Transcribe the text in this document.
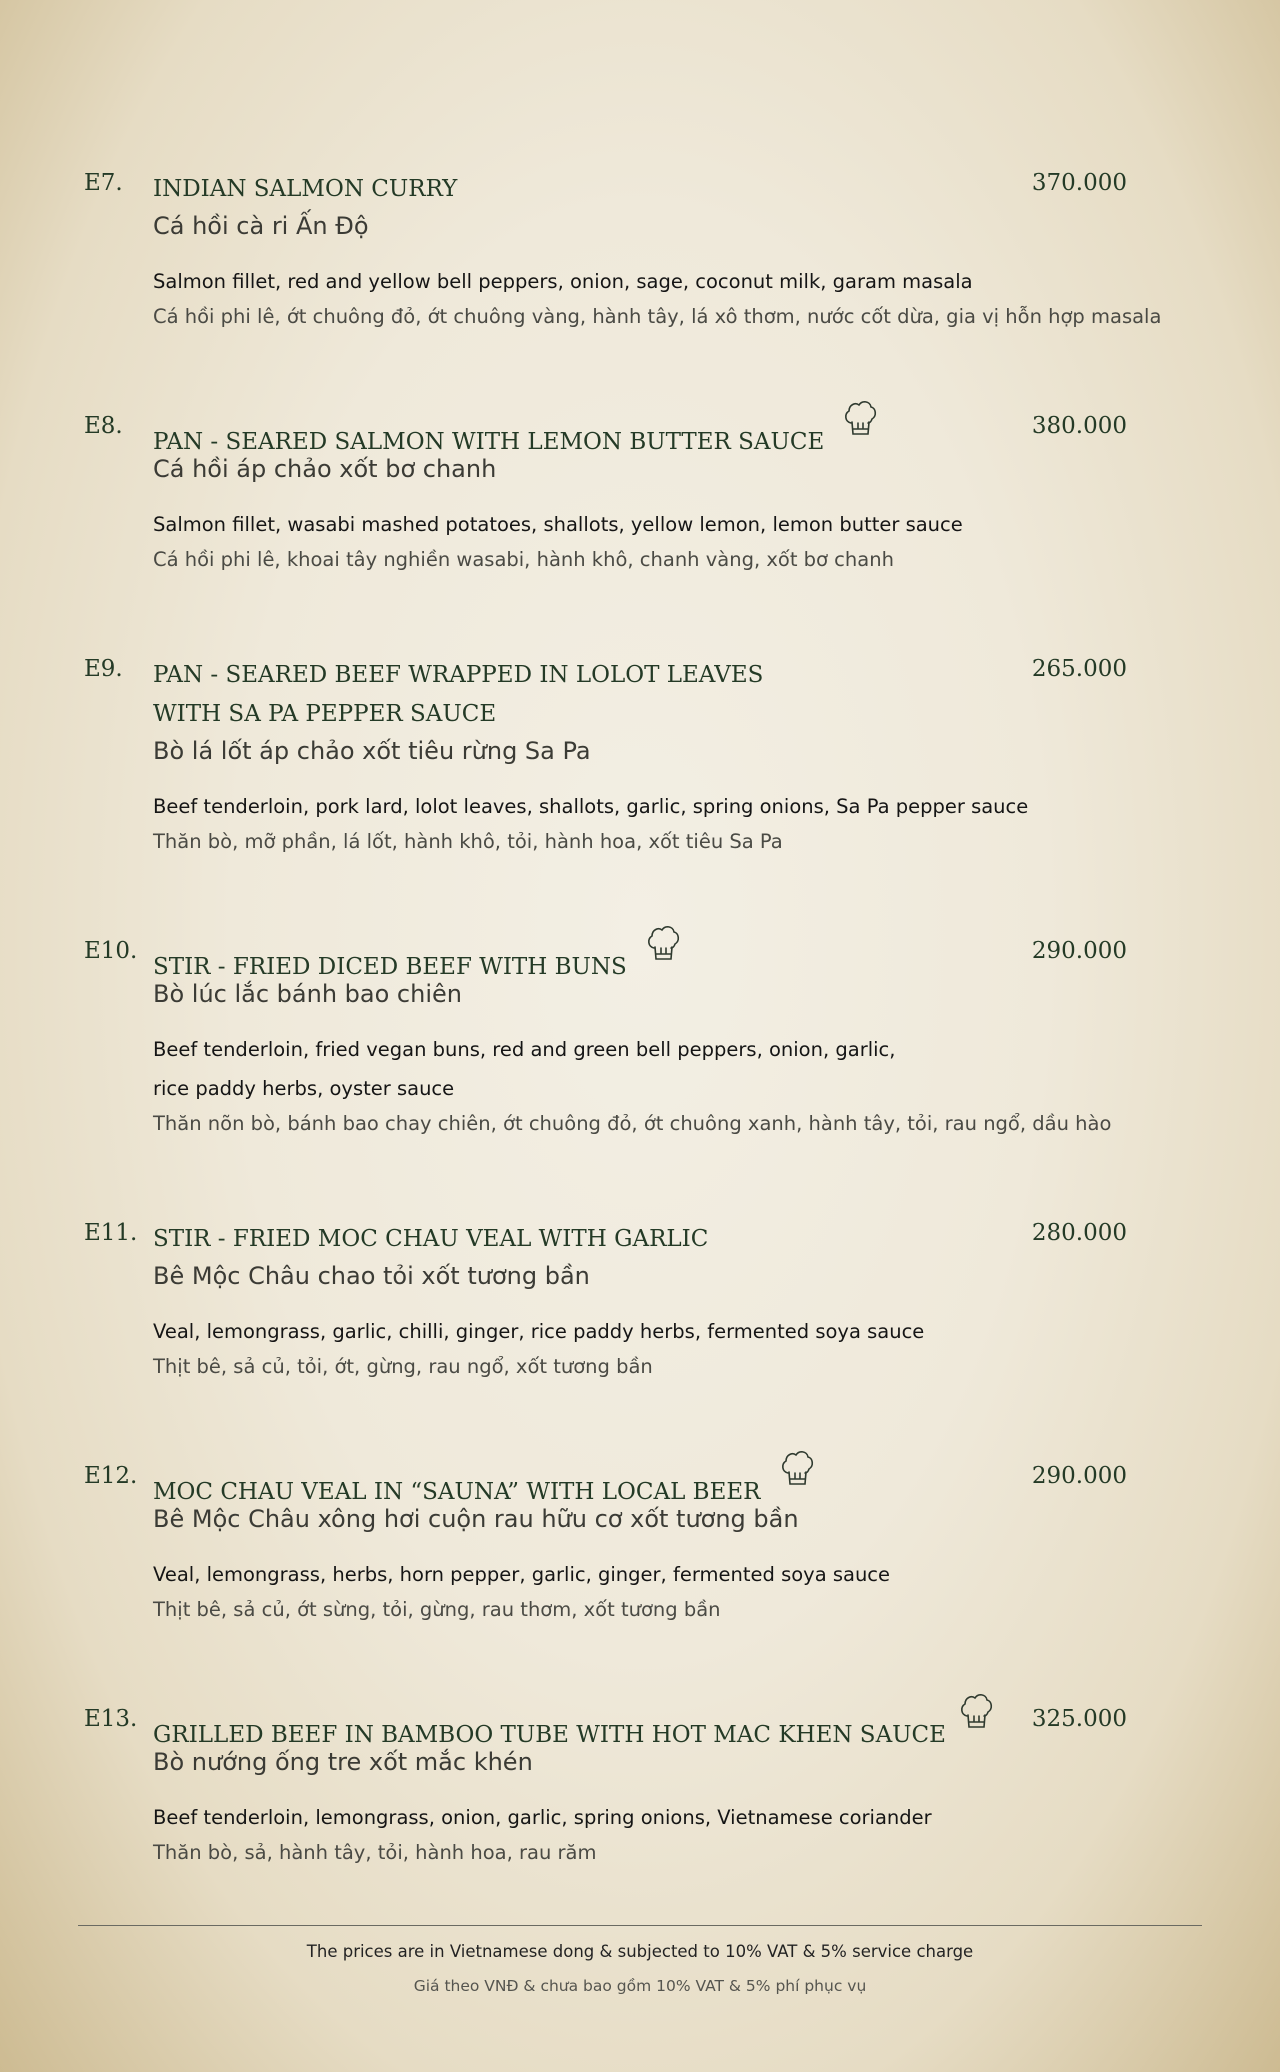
E7. INDIAN SALMON CURRY	370.000
Cá hồi cà ri Ấn Độ
Salmon fillet, red and yellow bell peppers, onion, sage, coconut milk, garam masala
Cá hồi phi lê, ớt chuông đỏ, ớt chuông vàng, hành tây, lá xô thơm, nước cốt dừa, gia vị hỗn hợp masala
E8.
PAN - SEARED SALMON WITH LEMON BUTTER SAUCE
380.000
Cá hồi áp chảo xốt bơ chanh
Salmon fillet, wasabi mashed potatoes, shallots, yellow lemon, lemon butter sauce
Cá hồi phi lê, khoai tây nghiền wasabi, hành khô, chanh vàng, xốt bơ chanh
E9. PAN - SEARED BEEF WRAPPED IN LOLOT LEAVES
WITH SA PA PEPPER SAUCE
265.000
Bò lá lốt áp chảo xốt tiêu rừng Sa Pa
Beef tenderloin, pork lard, lolot leaves, shallots, garlic, spring onions, Sa Pa pepper sauce
Thăn bò, mỡ phần, lá lốt, hành khô, tỏi, hành hoa, xốt tiêu Sa Pa
E10.
STIR - FRIED DICED BEEF WITH BUNS
290.000
Bò lúc lắc bánh bao chiên
Beef tenderloin, fried vegan buns, red and green bell peppers, onion, garlic,
rice paddy herbs, oyster sauce
Thăn nõn bò, bánh bao chay chiên, ớt chuông đỏ, ớt chuông xanh, hành tây, tỏi, rau ngổ, dầu hào
E11. STIR - FRIED MOC CHAU VEAL WITH GARLIC	280.000
Bê Mộc Châu chao tỏi xốt tương bần
Veal, lemongrass, garlic, chilli, ginger, rice paddy herbs, fermented soya sauce
Thịt bê, sả củ, tỏi, ớt, gừng, rau ngổ, xốt tương bần
E12.
MOC CHAU VEAL IN “SAUNA” WITH LOCAL BEER
290.000
Bê Mộc Châu xông hơi cuộn rau hữu cơ xốt tương bần
Veal, lemongrass, herbs, horn pepper, garlic, ginger, fermented soya sauce
Thịt bê, sả củ, ớt sừng, tỏi, gừng, rau thơm, xốt tương bần
E13.
GRILLED BEEF IN BAMBOO TUBE WITH HOT MAC KHEN SAUCE
325.000
Bò nướng ống tre xốt mắc khén
Beef tenderloin, lemongrass, onion, garlic, spring onions, Vietnamese coriander
Thăn bò, sả, hành tây, tỏi, hành hoa, rau răm
The prices are in Vietnamese dong & subjected to 10% VAT & 5% service charge
Giá theo VNĐ & chưa bao gồm 10% VAT & 5% phí phục vụ
